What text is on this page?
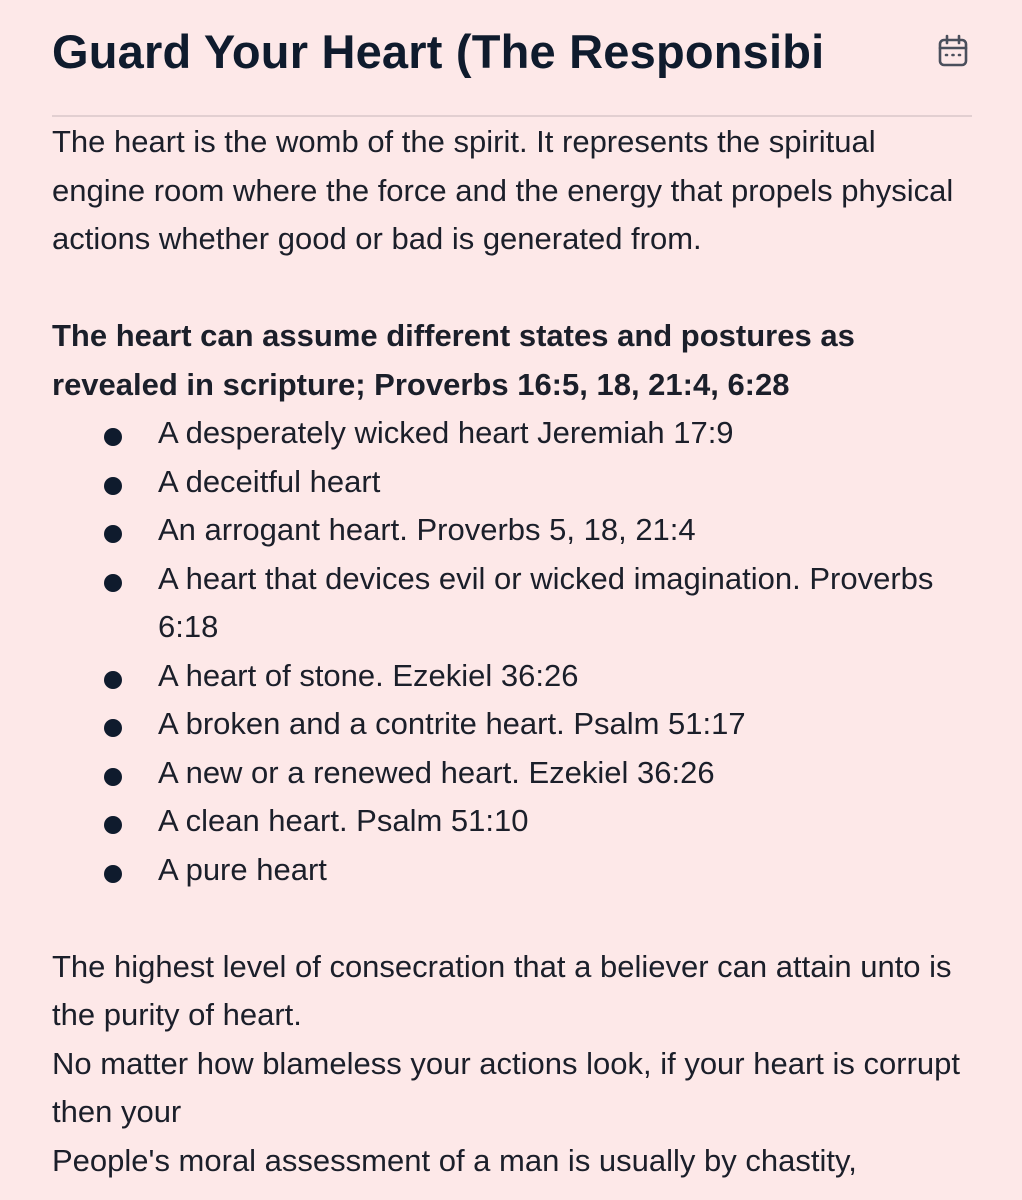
Guard Your Heart (The Responsibi

The heart is the womb of the spirit. It represents the spiritual engine room where the force and the energy that propels physical actions whether good or bad is generated from.

The heart can assume different states and postures as revealed in scripture; Proverbs 16:5, 18, 21:4, 6:28

A desperately wicked heart Jeremiah 17:9
A deceitful heart
An arrogant heart. Proverbs 5, 18, 21:4
A heart that devices evil or wicked imagination. Proverbs 6:18
A heart of stone. Ezekiel 36:26
A broken and a contrite heart. Psalm 51:17
A new or a renewed heart. Ezekiel 36:26
A clean heart. Psalm 51:10
A pure heart

The highest level of consecration that a believer can attain unto is the purity of heart.

No matter how blameless your actions look, if your heart is corrupt then your

People's moral assessment of a man is usually by chastity,
